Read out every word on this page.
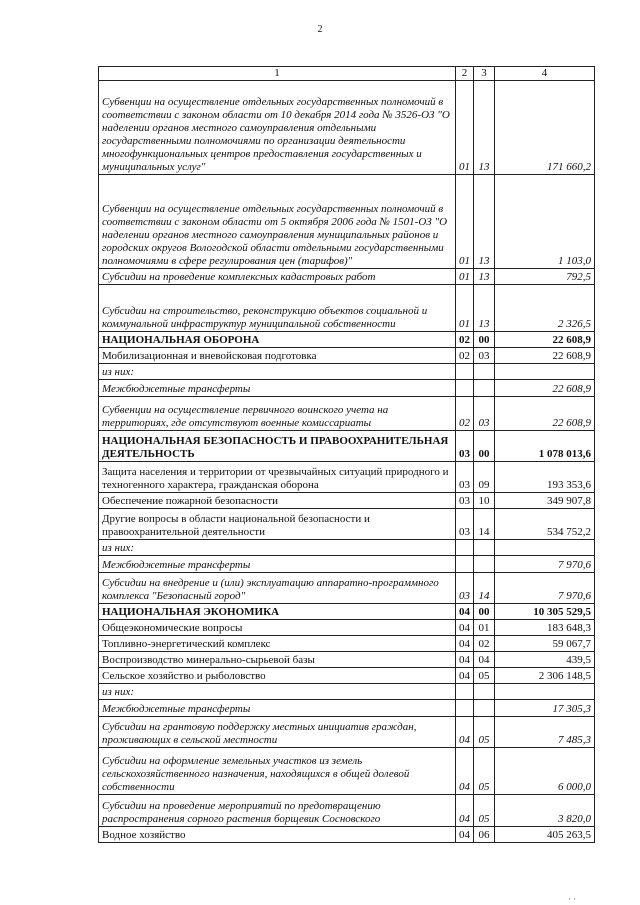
2
1	2	3	4
Субвенции на осуществление отдельных государственных полномочий в соответствии с законом области от 10 декабря 2014 года № 3526-ОЗ "О наделении органов местного самоуправления отдельными государственными полномочиями по организации деятельности многофункциональных центров предоставления государственных и муниципальных услуг"	01	13	171 660,2
Субвенции на осуществление отдельных государственных полномочий в соответствии с законом области от 5 октября 2006 года № 1501-ОЗ "О наделении органов местного самоуправления муниципальных районов и городских округов Вологодской области отдельными государственными полномочиями в сфере регулирования цен (тарифов)"	01	13	1 103,0
Субсидии на проведение комплексных кадастровых работ	01	13	792,5
Субсидии на строительство, реконструкцию объектов социальной и коммунальной инфраструктур муниципальной собственности	01	13	2 326,5
НАЦИОНАЛЬНАЯ ОБОРОНА	02	00	22 608,9
Мобилизационная и вневойсковая подготовка	02	03	22 608,9
из них:			
Межбюджетные трансферты			22 608,9
Субвенции на осуществление первичного воинского учета на территориях, где отсутствуют военные комиссариаты	02	03	22 608,9
НАЦИОНАЛЬНАЯ БЕЗОПАСНОСТЬ И ПРАВООХРАНИТЕЛЬНАЯ ДЕЯТЕЛЬНОСТЬ	03	00	1 078 013,6
Защита населения и территории от чрезвычайных ситуаций природного и техногенного характера, гражданская оборона	03	09	193 353,6
Обеспечение пожарной безопасности	03	10	349 907,8
Другие вопросы в области национальной безопасности и правоохранительной деятельности	03	14	534 752,2
из них:			
Межбюджетные трансферты			7 970,6
Субсидии на внедрение и (или) эксплуатацию аппаратно-программного комплекса "Безопасный город"	03	14	7 970,6
НАЦИОНАЛЬНАЯ ЭКОНОМИКА	04	00	10 305 529,5
Общеэкономические вопросы	04	01	183 648,3
Топливно-энергетический комплекс	04	02	59 067,7
Воспроизводство минерально-сырьевой базы	04	04	439,5
Сельское хозяйство и рыболовство	04	05	2 306 148,5
из них:			
Межбюджетные трансферты			17 305,3
Субсидии на грантовую поддержку местных инициатив граждан, проживающих в сельской местности	04	05	7 485,3
Субсидии на оформление земельных участков из земель сельскохозяйственного назначения, находящихся в общей долевой собственности	04	05	6 000,0
Субсидии на проведение мероприятий по предотвращению распространения сорного растения борщевик Сосновского	04	05	3 820,0
Водное хозяйство	04	06	405 263,5
· ·
